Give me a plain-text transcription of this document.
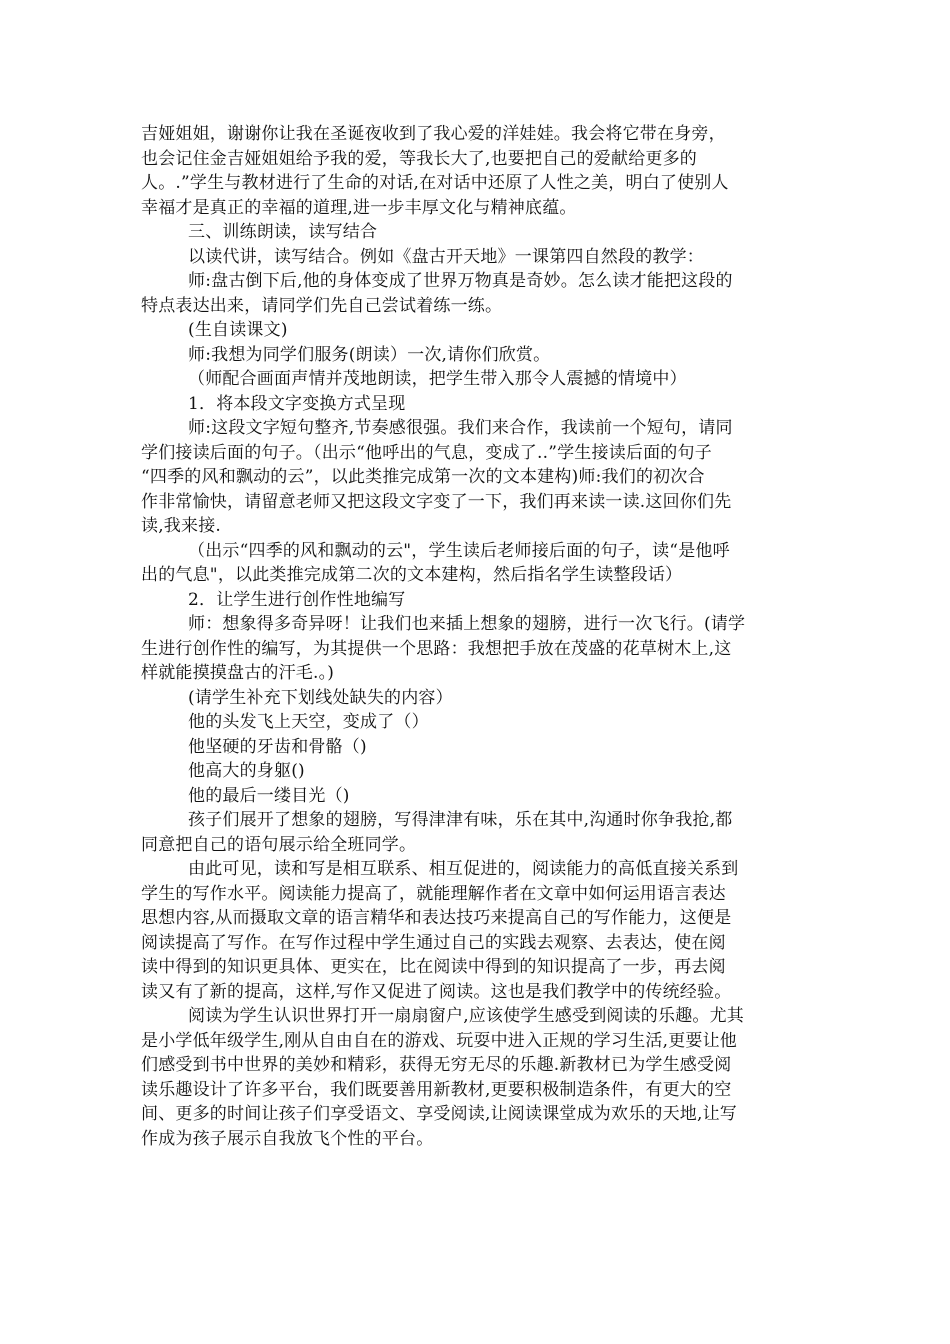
吉娅姐姐，谢谢你让我在圣诞夜收到了我心爱的洋娃娃。我会将它带在身旁，

也会记住金吉娅姐姐给予我的爱，等我长大了,也要把自己的爱献给更多的

人。.”学生与教材进行了生命的对话,在对话中还原了人性之美，明白了使别人

幸福才是真正的幸福的道理,进一步丰厚文化与精神底蕴。

三、训练朗读，读写结合

以读代讲，读写结合。例如《盘古开天地》一课第四自然段的教学：

师:盘古倒下后,他的身体变成了世界万物真是奇妙。怎么读才能把这段的

特点表达出来，请同学们先自己尝试着练一练。

(生自读课文)

师:我想为同学们服务(朗读）一次,请你们欣赏。

（师配合画面声情并茂地朗读，把学生带入那令人震撼的情境中）

1．将本段文字变换方式呈现

师:这段文字短句整齐,节奏感很强。我们来合作，我读前一个短句，请同

学们接读后面的句子。（出示“他呼出的气息，变成了..”学生接读后面的句子

“四季的风和飘动的云”，以此类推完成第一次的文本建构)师:我们的初次合

作非常愉快，请留意老师又把这段文字变了一下，我们再来读一读.这回你们先

读,我来接.

（出示“四季的风和飘动的云"，学生读后老师接后面的句子，读“是他呼

出的气息"，以此类推完成第二次的文本建构，然后指名学生读整段话）

2．让学生进行创作性地编写

师：想象得多奇异呀！让我们也来插上想象的翅膀，进行一次飞行。(请学

生进行创作性的编写，为其提供一个思路：我想把手放在茂盛的花草树木上,这

样就能摸摸盘古的汗毛.。)

(请学生补充下划线处缺失的内容）

他的头发飞上天空，变成了（）

他坚硬的牙齿和骨骼（)

他高大的身躯()

他的最后一缕目光（)

孩子们展开了想象的翅膀，写得津津有味，乐在其中,沟通时你争我抢,都

同意把自己的语句展示给全班同学。

由此可见，读和写是相互联系、相互促进的，阅读能力的高低直接关系到

学生的写作水平。阅读能力提高了，就能理解作者在文章中如何运用语言表达

思想内容,从而摄取文章的语言精华和表达技巧来提高自己的写作能力，这便是

阅读提高了写作。在写作过程中学生通过自己的实践去观察、去表达，使在阅

读中得到的知识更具体、更实在，比在阅读中得到的知识提高了一步，再去阅

读又有了新的提高，这样,写作又促进了阅读。这也是我们教学中的传统经验。

阅读为学生认识世界打开一扇扇窗户,应该使学生感受到阅读的乐趣。尤其

是小学低年级学生,刚从自由自在的游戏、玩耍中进入正规的学习生活,更要让他

们感受到书中世界的美妙和精彩，获得无穷无尽的乐趣.新教材已为学生感受阅

读乐趣设计了许多平台，我们既要善用新教材,更要积极制造条件，有更大的空

间、更多的时间让孩子们享受语文、享受阅读,让阅读课堂成为欢乐的天地,让写

作成为孩子展示自我放飞个性的平台。
